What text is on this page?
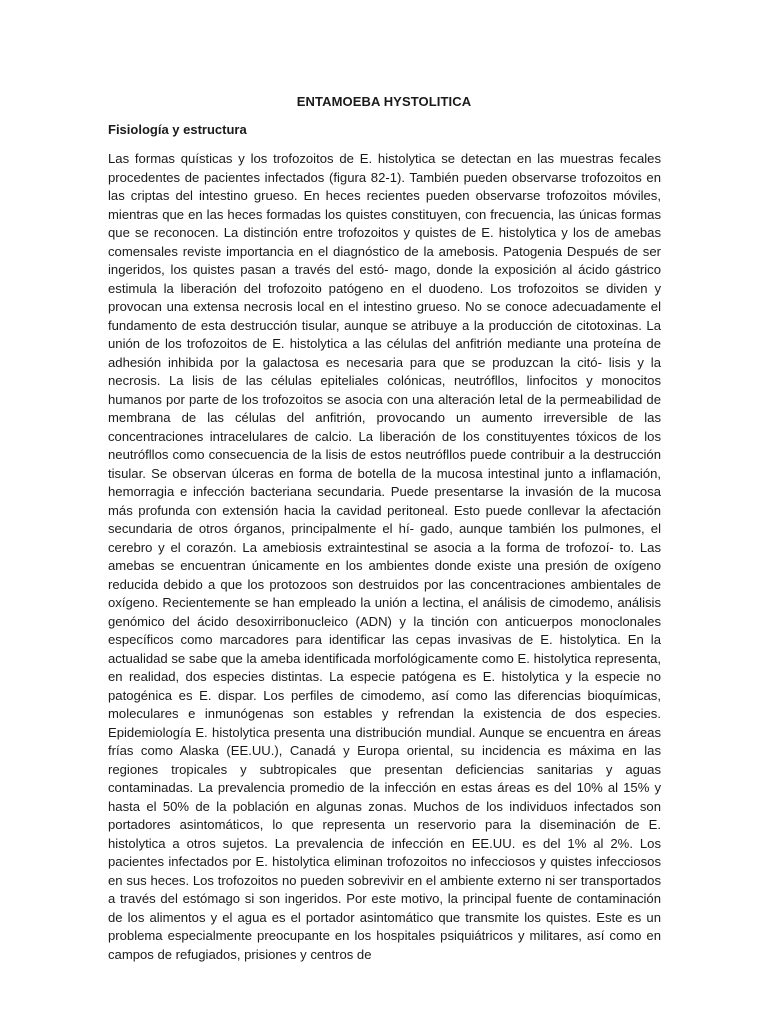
ENTAMOEBA HYSTOLITICA
Fisiología y estructura

Las formas quísticas y los trofozoitos de E. histolytica se detectan en las muestras fecales procedentes de pacientes infectados (figura 82-1). También pueden observarse trofozoitos en las criptas del intestino grueso. En heces recientes pueden observarse trofozoitos móviles, mientras que en las heces formadas los quistes constituyen, con frecuencia, las únicas formas que se reconocen. La distinción entre trofozoitos y quistes de E. histolytica y los de amebas comensales reviste importancia en el diagnóstico de la amebosis. Patogenia Después de ser ingeridos, los quistes pasan a través del estó- mago, donde la exposición al ácido gástrico estimula la liberación del trofozoito patógeno en el duodeno. Los trofozoitos se dividen y provocan una extensa necrosis local en el intestino grueso. No se conoce adecuadamente el fundamento de esta destrucción tisular, aunque se atribuye a la producción de citotoxinas. La unión de los trofozoitos de E. histolytica a las células del anfitrión mediante una proteína de adhesión inhibida por la galactosa es necesaria para que se produzcan la citó- lisis y la necrosis. La lisis de las células epiteliales colónicas, neutrófllos, linfocitos y monocitos humanos por parte de los trofozoitos se asocia con una alteración letal de la permeabilidad de membrana de las células del anfitrión, provocando un aumento irreversible de las concentraciones intracelulares de calcio. La liberación de los constituyentes tóxicos de los neutrófllos como consecuencia de la lisis de estos neutrófllos puede contribuir a la destrucción tisular. Se observan úlceras en forma de botella de la mucosa intestinal junto a inflamación, hemorragia e infección bacteriana secundaria. Puede presentarse la invasión de la mucosa más profunda con extensión hacia la cavidad peritoneal. Esto puede conllevar la afectación secundaria de otros órganos, principalmente el hí- gado, aunque también los pulmones, el cerebro y el corazón. La amebiosis extraintestinal se asocia a la forma de trofozoí- to. Las amebas se encuentran únicamente en los ambientes donde existe una presión de oxígeno reducida debido a que los protozoos son destruidos por las concentraciones ambientales de oxígeno. Recientemente se han empleado la unión a lectina, el análisis de cimodemo, análisis genómico del ácido desoxirribonucleico (ADN) y la tinción con anticuerpos monoclonales específicos como marcadores para identificar las cepas invasivas de E. histolytica. En la actualidad se sabe que la ameba identificada morfológicamente como E. histolytica representa, en realidad, dos especies distintas. La especie patógena es E. histolytica y la especie no patogénica es E. dispar. Los perfiles de cimodemo, así como las diferencias bioquímicas, moleculares e inmunógenas son estables y refrendan la existencia de dos especies. Epidemiología E. histolytica presenta una distribución mundial. Aunque se encuentra en áreas frías como Alaska (EE.UU.), Canadá y Europa oriental, su incidencia es máxima en las regiones tropicales y subtropicales que presentan deficiencias sanitarias y aguas contaminadas. La prevalencia promedio de la infección en estas áreas es del 10% al 15% y hasta el 50% de la población en algunas zonas. Muchos de los individuos infectados son portadores asintomáticos, lo que representa un reservorio para la diseminación de E. histolytica a otros sujetos. La prevalencia de infección en EE.UU. es del 1% al 2%. Los pacientes infectados por E. histolytica eliminan trofozoitos no infecciosos y quistes infecciosos en sus heces. Los trofozoitos no pueden sobrevivir en el ambiente externo ni ser transportados a través del estómago si son ingeridos. Por este motivo, la principal fuente de contaminación de los alimentos y el agua es el portador asintomático que transmite los quistes. Este es un problema especialmente preocupante en los hospitales psiquiátricos y militares, así como en campos de refugiados, prisiones y centros de
